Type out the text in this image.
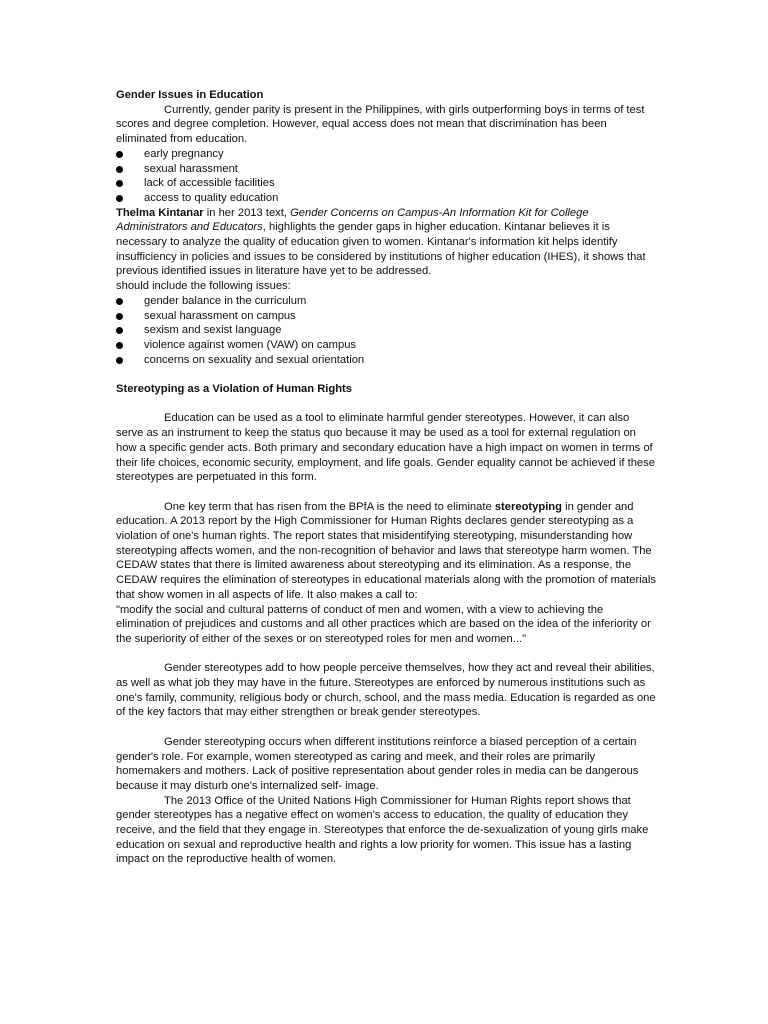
Gender Issues in Education

Currently, gender parity is present in the Philippines, with girls outperforming boys in terms of test scores and degree completion. However, equal access does not mean that discrimination has been eliminated from education.

early pregnancy
sexual harassment
lack of accessible facilities
access to quality education

Thelma Kintanar in her 2013 text, Gender Concerns on Campus-An Information Kit for College Administrators and Educators, highlights the gender gaps in higher education. Kintanar believes it is necessary to analyze the quality of education given to women. Kintanar's information kit helps identify insufficiency in policies and issues to be considered by institutions of higher education (IHES), it shows that previous identified issues in literature have yet to be addressed.

should include the following issues:

gender balance in the curriculum
sexual harassment on campus
sexism and sexist language
violence against women (VAW) on campus
concerns on sexuality and sexual orientation

Stereotyping as a Violation of Human Rights

Education can be used as a tool to eliminate harmful gender stereotypes. However, it can also serve as an instrument to keep the status quo because it may be used as a tool for external regulation on how a specific gender acts. Both primary and secondary education have a high impact on women in terms of their life choices, economic security, employment, and life goals. Gender equality cannot be achieved if these stereotypes are perpetuated in this form.

One key term that has risen from the BPfA is the need to eliminate stereotyping in gender and education. A 2013 report by the High Commissioner for Human Rights declares gender stereotyping as a violation of one's human rights. The report states that misidentifying stereotyping, misunderstanding how stereotyping affects women, and the non-recognition of behavior and laws that stereotype harm women. The CEDAW states that there is limited awareness about stereotyping and its elimination. As a response, the CEDAW requires the elimination of stereotypes in educational materials along with the promotion of materials that show women in all aspects of life. It also makes a call to:

"modify the social and cultural patterns of conduct of men and women, with a view to achieving the elimination of prejudices and customs and all other practices which are based on the idea of the inferiority or the superiority of either of the sexes or on stereotyped roles for men and women..."

Gender stereotypes add to how people perceive themselves, how they act and reveal their abilities, as well as what job they may have in the future. Stereotypes are enforced by numerous institutions such as one's family, community, religious body or church, school, and the mass media. Education is regarded as one of the key factors that may either strengthen or break gender stereotypes.

Gender stereotyping occurs when different institutions reinforce a biased perception of a certain gender's role. For example, women stereotyped as caring and meek, and their roles are primarily homemakers and mothers. Lack of positive representation about gender roles in media can be dangerous because it may disturb one's internalized self- image.

The 2013 Office of the United Nations High Commissioner for Human Rights report shows that gender stereotypes has a negative effect on women's access to education, the quality of education they receive, and the field that they engage in. Stereotypes that enforce the de-sexualization of young girls make education on sexual and reproductive health and rights a low priority for women. This issue has a lasting impact on the reproductive health of women.
